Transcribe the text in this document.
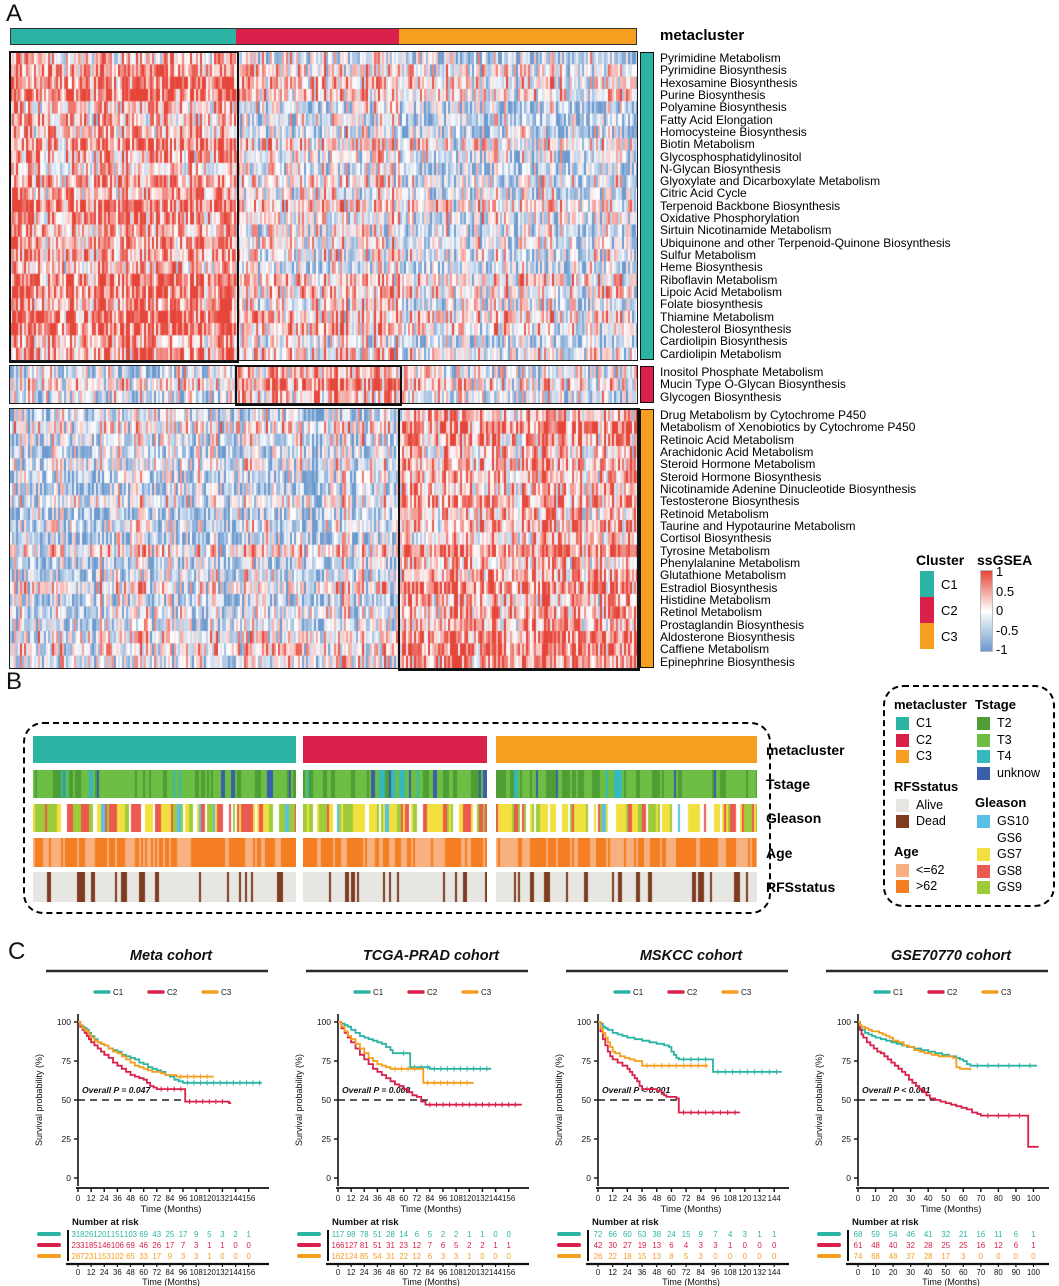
A
metacluster
Pyrimidine Metabolism
Pyrimidine Biosynthesis
Hexosamine Biosynthesis
Purine Biosynthesis
Polyamine Biosynthesis
Fatty Acid Elongation
Homocysteine Biosynthesis
Biotin Metabolism
Glycosphosphatidylinositol
N-Glycan Biosynthesis
Glyoxylate and Dicarboxylate Metabolism
Citric Acid Cycle
Terpenoid Backbone Biosynthesis
Oxidative Phosphorylation
Sirtuin Nicotinamide Metabolism
Ubiquinone and other Terpenoid-Quinone Biosynthesis
Sulfur Metabolism
Heme Biosynthesis
Riboflavin Metabolism
Lipoic Acid Metabolism
Folate biosynthesis
Thiamine Metabolism
Cholesterol Biosynthesis
Cardiolipin Biosynthesis
Cardiolipin Metabolism
Inositol Phosphate Metabolism
Mucin Type O-Glycan Biosynthesis
Glycogen Biosynthesis
Drug Metabolism by Cytochrome P450
Metabolism of Xenobiotics by Cytochrome P450
Retinoic Acid Metabolism
Arachidonic Acid Metabolism
Steroid Hormone Metabolism
Steroid Hormone Biosynthesis
Nicotinamide Adenine Dinucleotide Biosynthesis
Testosterone Biosynthesis
Retinoid Metabolism
Taurine and Hypotaurine Metabolism
Cortisol Biosynthesis
Tyrosine Metabolism
Phenylalanine Metabolism
Glutathione Metabolism
Estradiol Biosynthesis
Histidine Metabolism
Retinol Metabolism
Prostaglandin Biosynthesis
Aldosterone Biosynthesis
Caffiene Metabolism
Epinephrine Biosynthesis
Cluster
C1
C2
C3
ssGSEA
1
0.5
0
-0.5
-1
B
metacluster
Tstage
Gleason
Age
RFSstatus
metacluster
C1
C2
C3
RFSstatus
Alive
Dead
Age
<=62
>62
Tstage
T2
T3
T4
unknow
Gleason
GS10
GS6
GS7
GS8
GS9
C	Meta cohort
C1	C2	C3
0
25
50
75
100
0 12 24 36 48 60 72 84 96 108 120 132 144 156
Time (Months)
Survival probability (%)	Overall P = 0.047
Number at risk
318 261 201 151 103 69 43 25 17 9 5 3 2 1
233 185 146 106 69 46 26 17 7 3 1 1 0 0
287 231 153 102 65 33 17 9 3 3 1 0 0 0
0 12 24 36 48 60 72 84 96 108 120 132 144 156
Time (Months)
TCGA-PRAD cohort
C1	C2	C3
0
25
50
75
100
0 12 24 36 48 60 72 84 96 108 120 132 144 156
Time (Months)
Survival probability (%)	Overall P = 0.008
Number at risk
117 98 78 51 28 14 6 5 2 2 1 1 0 0
166 127 81 51 31 23 12 7 6 5 2 2 1 1
162 124 85 54 31 22 12 6 3 3 1 0 0 0
0 12 24 36 48 60 72 84 96 108 120 132 144 156
Time (Months)
MSKCC cohort
C1	C2	C3
0
25
50
75
100
0 12 24 36 48 60 72 84 96 108 120 132 144
Time (Months)
Survival probability (%)	Overall P < 0.001
Number at risk
72 66 60 53 38 24 15 9 7 4 3 1 1
42 30 27 19 13 6 4 3 3 1 0 0 0
26 22 18 15 13 8 5 3 0 0 0 0 0
0 12 24 36 48 60 72 84 96 108 120 132 144
Time (Months)
GSE70770 cohort
C1	C2	C3
0
25
50
75
100
0 10 20 30 40 50 60 70 80 90 100
Time (Months)
Survival probability (%)	Overall P < 0.001
Number at risk
68 59 54 46 41 32 21 16 11 6 1
61 48 40 32 28 25 25 16 12 6 1
74 68 48 37 28 17 3 0 0 0 0
0 10 20 30 40 50 60 70 80 90 100
Time (Months)
